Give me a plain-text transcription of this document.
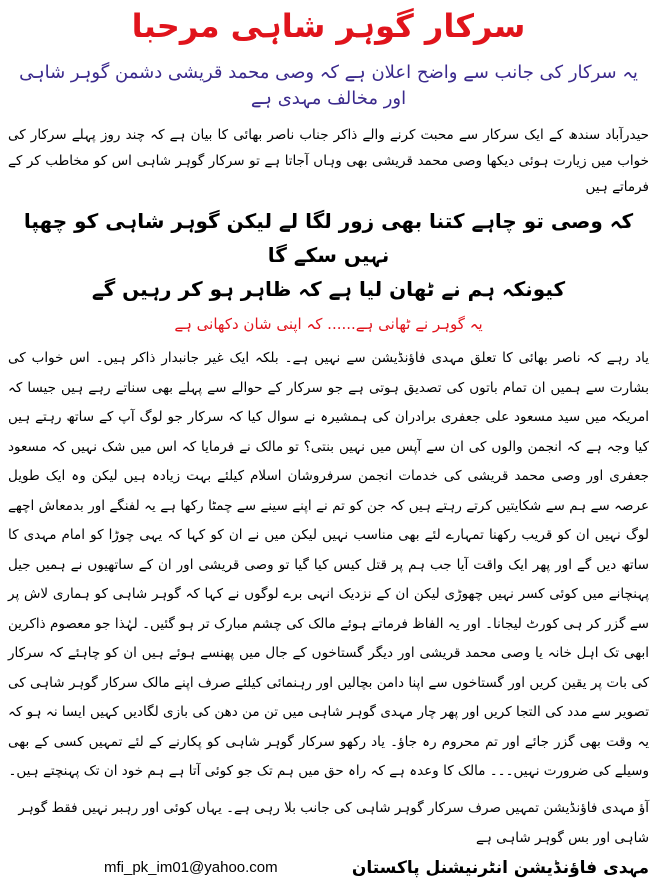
سرکار گوہر شاہی مرحبا
یہ سرکار کی جانب سے واضح اعلان ہے کہ وصی محمد قریشی دشمن گوہر شاہی اور مخالف مہدی ہے

حیدرآباد سندھ کے ایک سرکار سے محبت کرنے والے ذاکر جناب ناصر بھائی کا بیان ہے کہ چند روز پہلے سرکار کی خواب میں زیارت ہوئی دیکھا وصی محمد قریشی بھی وہاں آجاتا ہے تو سرکار گوہر شاہی اس کو مخاطب کر کے فرماتے ہیں

کہ وصی تو چاہے کتنا بھی زور لگا لے لیکن گوہر شاہی کو چھپا نہیں سکے گا

کیونکہ ہم نے ٹھان لیا ہے کہ ظاہر ہو کر رہیں گے

یہ گوہر نے ٹھانی ہے...... کہ اپنی شان دکھانی ہے

یاد رہے کہ ناصر بھائی کا تعلق مہدی فاؤنڈیشن سے نہیں ہے۔ بلکہ ایک غیر جانبدار ذاکر ہیں۔ اس خواب کی بشارت سے ہمیں ان تمام باتوں کی تصدیق ہوتی ہے جو سرکار کے حوالے سے پہلے بھی سناتے رہے ہیں جیسا کہ امریکہ میں سید مسعود علی جعفری برادران کی ہمشیرہ نے سوال کیا کہ سرکار جو لوگ آپ کے ساتھ رہتے ہیں کیا وجہ ہے کہ انجمن والوں کی ان سے آپس میں نہیں بنتی؟ تو مالک نے فرمایا کہ اس میں شک نہیں کہ مسعود جعفری اور وصی محمد قریشی کی خدمات انجمن سرفروشان اسلام کیلئے بہت زیادہ ہیں لیکن وہ ایک طویل عرصہ سے ہم سے شکایتیں کرتے رہتے ہیں کہ جن کو تم نے اپنے سینے سے چمٹا رکھا ہے یہ لفنگے اور بدمعاش اچھے لوگ نہیں ان کو قریب رکھنا تمہارے لئے بھی مناسب نہیں لیکن میں نے ان کو کہا کہ یہی چوڑا کو امام مہدی کا ساتھ دیں گے اور پھر ایک واقت آیا جب ہم پر قتل کیس کیا گیا تو وصی قریشی اور ان کے ساتھیوں نے ہمیں جیل پہنچانے میں کوئی کسر نہیں چھوڑی لیکن ان کے نزدیک انہی برے لوگوں نے کہا کہ گوہر شاہی کو ہماری لاش پر سے گزر کر ہی کورٹ لیجانا۔ اور یہ الفاظ فرماتے ہوئے مالک کی چشم مبارک تر ہو گئیں۔ لہٰذا جو معصوم ذاکرین ابھی تک اہل خانہ یا وصی محمد قریشی اور دیگر گستاخوں کے جال میں پھنسے ہوئے ہیں ان کو چاہئے کہ سرکار کی بات پر یقین کریں اور گستاخوں سے اپنا دامن بچالیں اور رہنمائی کیلئے صرف اپنے مالک سرکار گوہر شاہی کی تصویر سے مدد کی التجا کریں اور پھر چار مہدی گوہر شاہی میں تن من دھن کی بازی لگادیں کہیں ایسا نہ ہو کہ یہ وقت بھی گزر جائے اور تم محروم رہ جاؤ۔ یاد رکھو سرکار گوہر شاہی کو پکارنے کے لئے تمہیں کسی کے بھی وسیلے کی ضرورت نہیں۔۔۔ مالک کا وعدہ ہے کہ راہ حق میں ہم تک جو کوئی آتا ہے ہم خود ان تک پہنچتے ہیں۔

آؤ مہدی فاؤنڈیشن تمہیں صرف سرکار گوہر شاہی کی جانب بلا رہی ہے۔ یہاں کوئی اور رہبر نہیں فقط گوہر شاہی اور بس گوہر شاہی ہے

mfi_pk_im01@yahoo.com	مہدی فاؤنڈیشن انٹرنیشنل پاکستان
